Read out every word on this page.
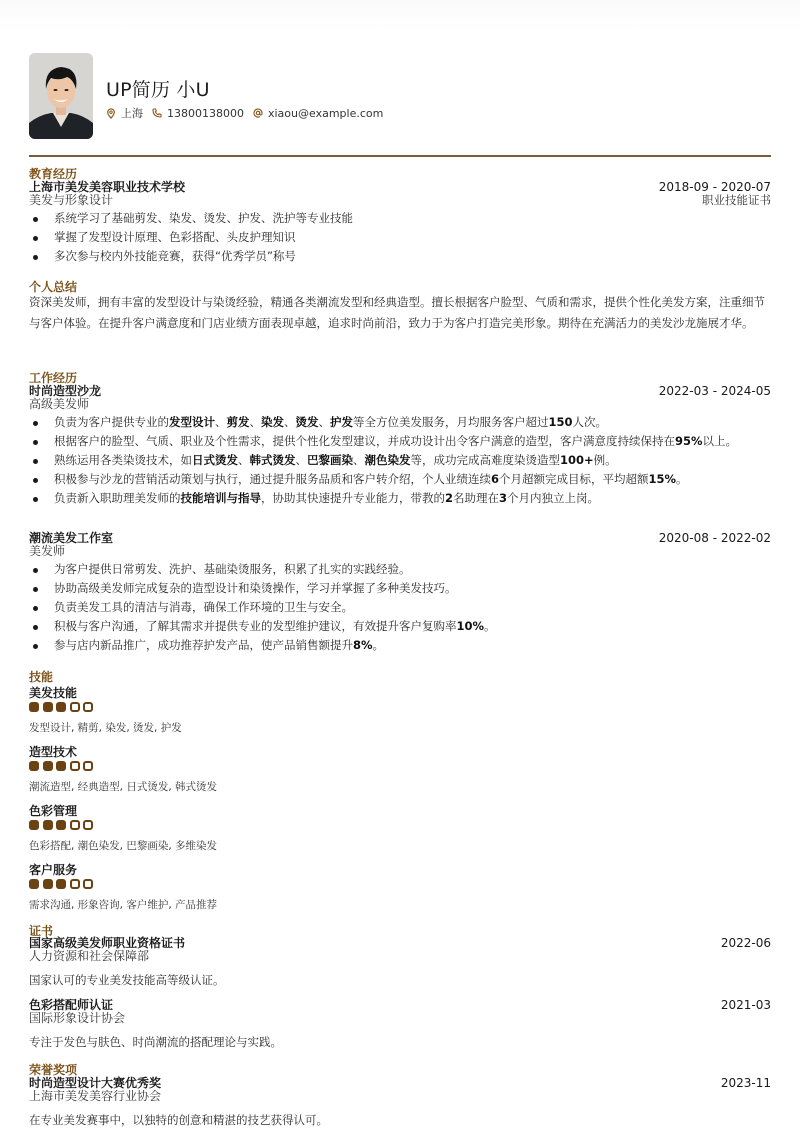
UP简历 小U
上海 13800138000 xiaou@example.com
教育经历
上海市美发美容职业技术学校	2018-09 - 2020-07
美发与形象设计	职业技能证书
系统学习了基础剪发、染发、烫发、护发、洗护等专业技能
掌握了发型设计原理、色彩搭配、头皮护理知识
多次参与校内外技能竞赛，获得“优秀学员”称号
个人总结
资深美发师，拥有丰富的发型设计与染烫经验，精通各类潮流发型和经典造型。擅长根据客户脸型、气质和需求，提供个性化美发方案，注重细节与客户体验。在提升客户满意度和门店业绩方面表现卓越，追求时尚前沿，致力于为客户打造完美形象。期待在充满活力的美发沙龙施展才华。
工作经历
时尚造型沙龙	2022-03 - 2024-05
高级美发师
负责为客户提供专业的发型设计、剪发、染发、烫发、护发等全方位美发服务，月均服务客户超过150人次。
根据客户的脸型、气质、职业及个性需求，提供个性化发型建议，并成功设计出令客户满意的造型，客户满意度持续保持在95%以上。
熟练运用各类染烫技术，如日式烫发、韩式烫发、巴黎画染、潮色染发等，成功完成高难度染烫造型100+例。
积极参与沙龙的营销活动策划与执行，通过提升服务品质和客户转介绍，个人业绩连续6个月超额完成目标，平均超额15%。
负责新入职助理美发师的技能培训与指导，协助其快速提升专业能力，带教的2名助理在3个月内独立上岗。
潮流美发工作室	2020-08 - 2022-02
美发师
为客户提供日常剪发、洗护、基础染烫服务，积累了扎实的实践经验。
协助高级美发师完成复杂的造型设计和染烫操作，学习并掌握了多种美发技巧。
负责美发工具的清洁与消毒，确保工作环境的卫生与安全。
积极与客户沟通，了解其需求并提供专业的发型维护建议，有效提升客户复购率10%。
参与店内新品推广，成功推荐护发产品，使产品销售额提升8%。
技能
美发技能
发型设计, 精剪, 染发, 烫发, 护发
造型技术
潮流造型, 经典造型, 日式烫发, 韩式烫发
色彩管理
色彩搭配, 潮色染发, 巴黎画染, 多维染发
客户服务
需求沟通, 形象咨询, 客户维护, 产品推荐
证书
国家高级美发师职业资格证书	2022-06
人力资源和社会保障部
国家认可的专业美发技能高等级认证。
色彩搭配师认证	2021-03
国际形象设计协会
专注于发色与肤色、时尚潮流的搭配理论与实践。
荣誉奖项
时尚造型设计大赛优秀奖	2023-11
上海市美发美容行业协会
在专业美发赛事中，以独特的创意和精湛的技艺获得认可。
